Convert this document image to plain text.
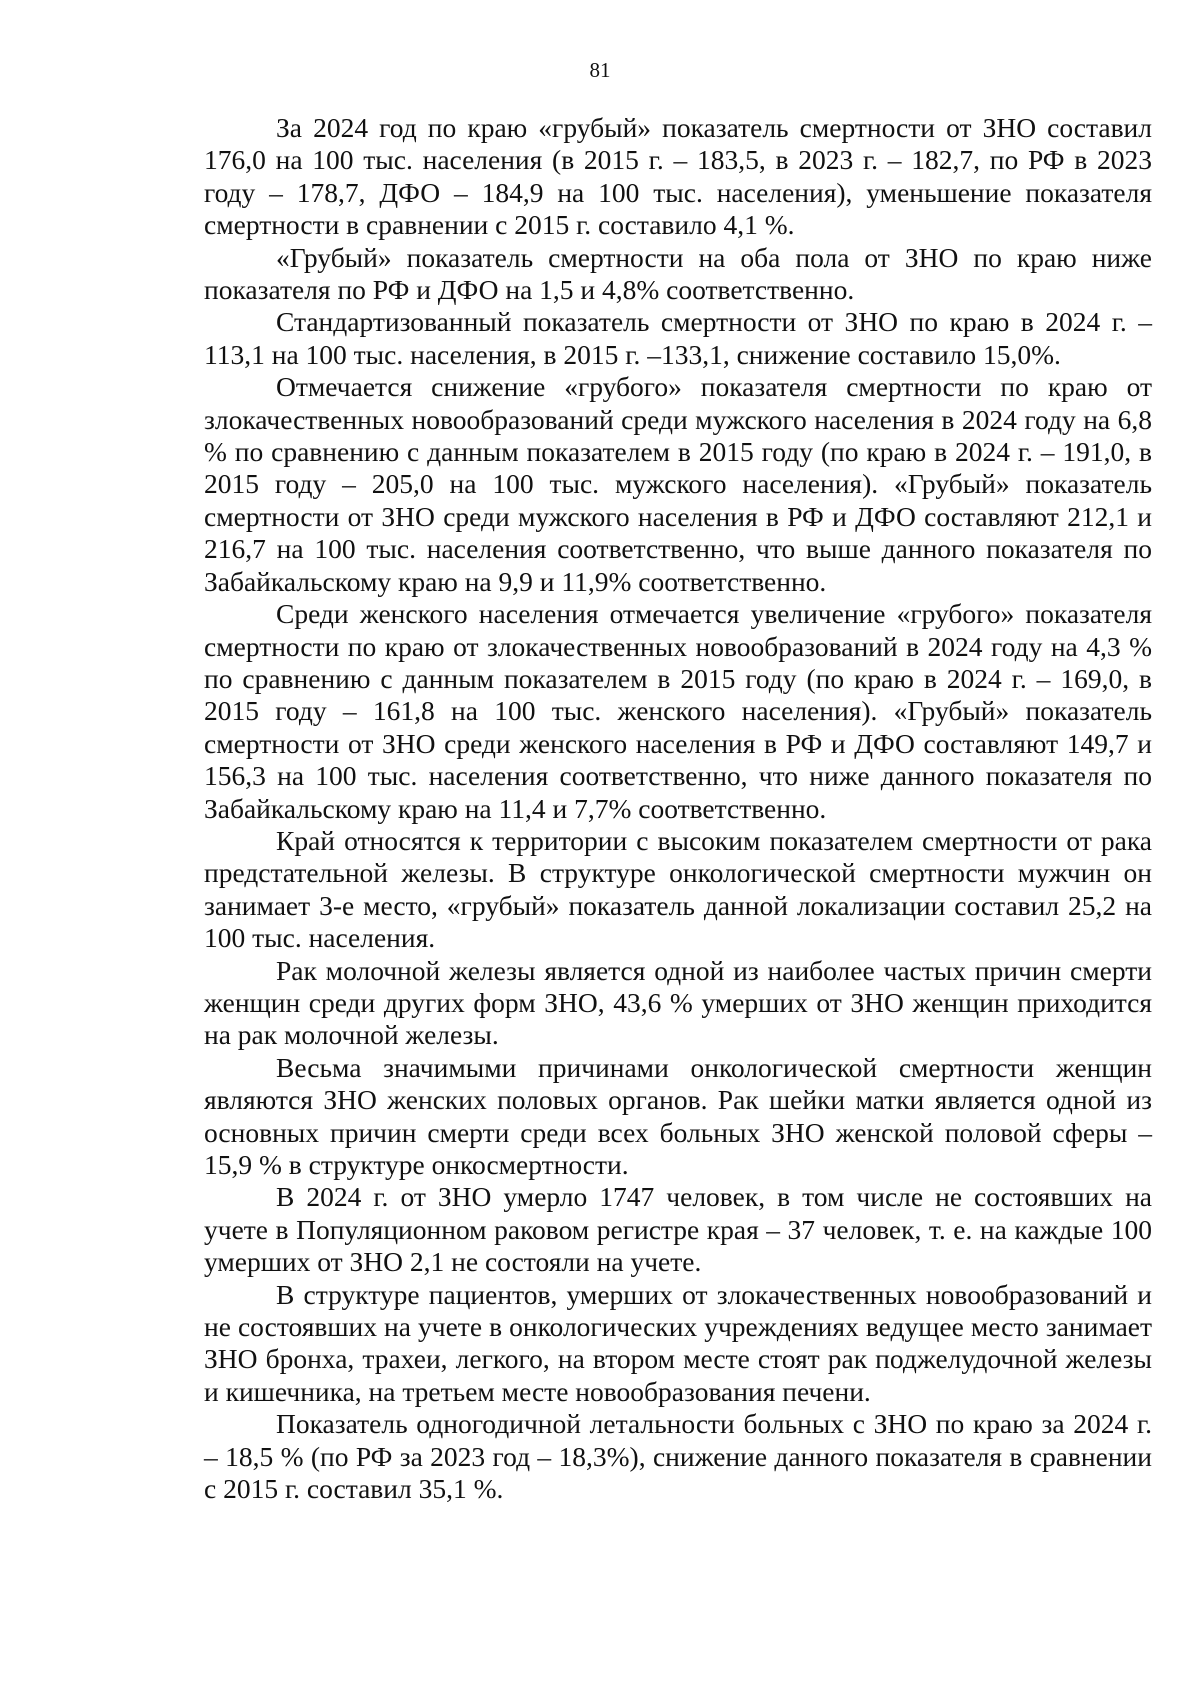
81

За 2024 год по краю «грубый» показатель смертности от ЗНО составил 176,0 на 100 тыс. населения (в 2015 г. – 183,5, в 2023 г. – 182,7, по РФ в 2023 году – 178,7, ДФО – 184,9 на 100 тыс. населения), уменьшение показателя смертности в сравнении с 2015 г. составило 4,1 %.

«Грубый» показатель смертности на оба пола от ЗНО по краю ниже показателя по РФ и ДФО на 1,5 и 4,8% соответственно.

Стандартизованный показатель смертности от ЗНО по краю в 2024 г. – 113,1 на 100 тыс. населения, в 2015 г. –133,1, снижение составило 15,0%.

Отмечается снижение «грубого» показателя смертности по краю от злокачественных новообразований среди мужского населения в 2024 году на 6,8 % по сравнению с данным показателем в 2015 году (по краю в 2024 г. – 191,0, в 2015 году – 205,0 на 100 тыс. мужского населения). «Грубый» показатель смертности от ЗНО среди мужского населения в РФ и ДФО составляют 212,1 и 216,7 на 100 тыс. населения соответственно, что выше данного показателя по Забайкальскому краю на 9,9 и 11,9% соответственно.

Среди женского населения отмечается увеличение «грубого» показателя смертности по краю от злокачественных новообразований в 2024 году на 4,3 % по сравнению с данным показателем в 2015 году (по краю в 2024 г. – 169,0, в 2015 году – 161,8 на 100 тыс. женского населения). «Грубый» показатель смертности от ЗНО среди женского населения в РФ и ДФО составляют 149,7 и 156,3 на 100 тыс. населения соответственно, что ниже данного показателя по Забайкальскому краю на 11,4 и 7,7% соответственно.

Край относятся к территории с высоким показателем смертности от рака предстательной железы. В структуре онкологической смертности мужчин он занимает 3-е место, «грубый» показатель данной локализации составил 25,2 на 100 тыс. населения.

Рак молочной железы является одной из наиболее частых причин смерти женщин среди других форм ЗНО, 43,6 % умерших от ЗНО женщин приходится на рак молочной железы.

Весьма значимыми причинами онкологической смертности женщин являются ЗНО женских половых органов. Рак шейки матки является одной из основных причин смерти среди всех больных ЗНО женской половой сферы – 15,9 % в структуре онкосмертности.

В 2024 г. от ЗНО умерло 1747 человек, в том числе не состоявших на учете в Популяционном раковом регистре края – 37 человек, т. е. на каждые 100 умерших от ЗНО 2,1 не состояли на учете.

В структуре пациентов, умерших от злокачественных новообразований и не состоявших на учете в онкологических учреждениях ведущее место занимает ЗНО бронха, трахеи, легкого, на втором месте стоят рак поджелудочной железы и кишечника, на третьем месте новообразования печени.

Показатель одногодичной летальности больных с ЗНО по краю за 2024 г. – 18,5 % (по РФ за 2023 год – 18,3%), снижение данного показателя в сравнении с 2015 г. составил 35,1 %.
